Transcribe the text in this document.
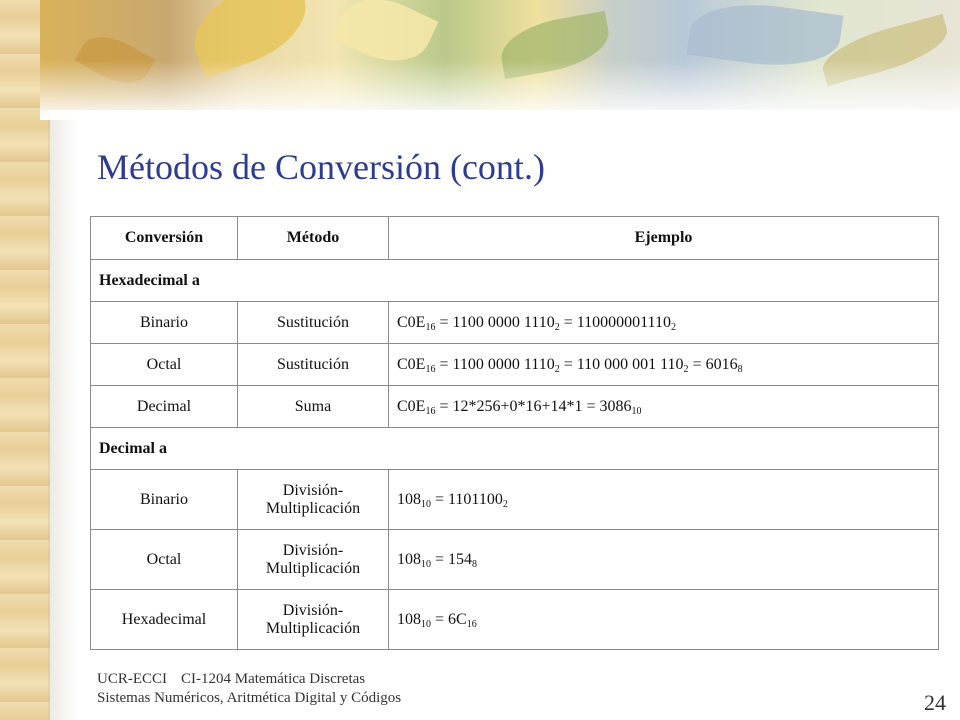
Métodos de Conversión (cont.)
Conversión	Método	Ejemplo
Hexadecimal a		
Binario	Sustitución	$C0E_{16} = 1100$ 0000 $1110_2 = 110000001110_2$
Octal	Sustitución	$C0E_{16} = 1100$ 0000 $1110_2 = 110$ 000 001 $110_2 = 6016_8$
Decimal	Suma	$C0E_{16} = 12*256+0*16+14*1 = 3086_{10}$
Decimal a		
Binario	División-Multiplicación	$108_{10} = 1101100_2$
Octal	División-Multiplicación	$108_{10} = 154_8$
Hexadecimal	División-Multiplicación	$108_{10} = 6C_{16}$
UCR-ECCI CI-1204 Matemática Discretas
Sistemas Numéricos, Aritmética Digital y Códigos	24
